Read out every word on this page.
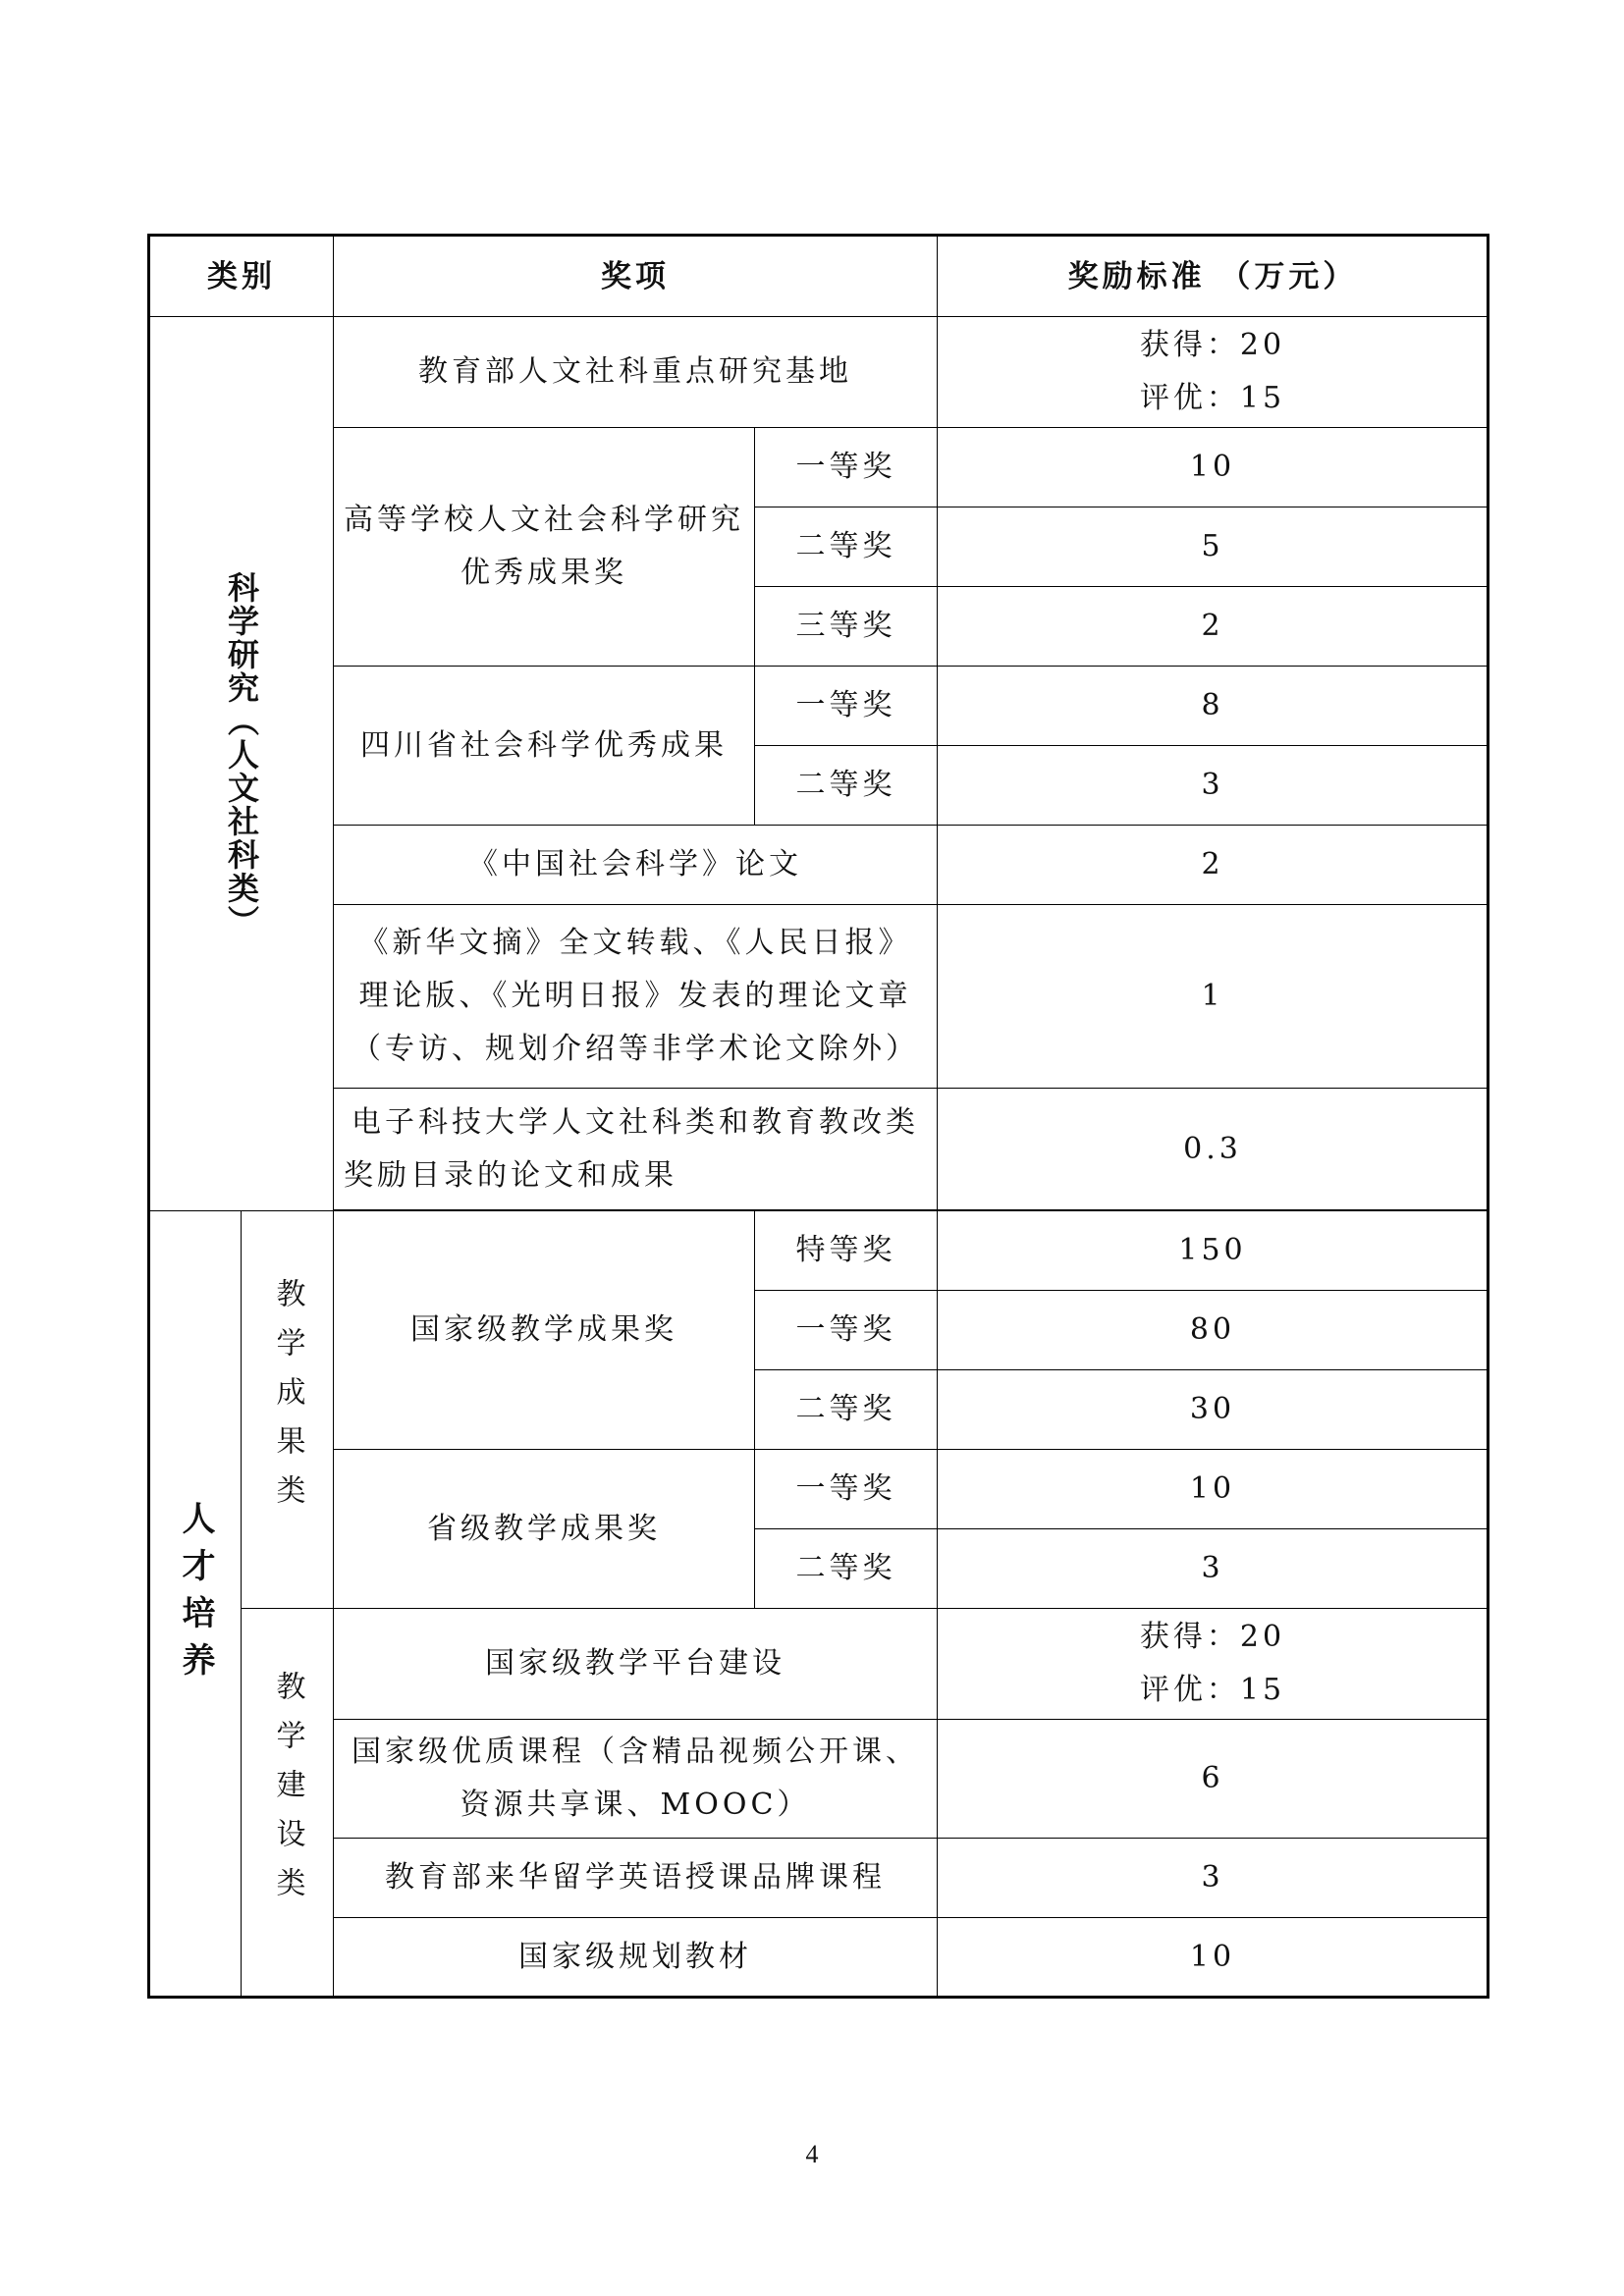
类别		奖项		奖励标准 （万元）
科学研究（人文社科类）		教育部人文社科重点研究基地		获得：20
评优：15

		高等学校人文社会科学研究优秀成果奖	一等奖	10
			二等奖	5
			三等奖	2
		四川省社会科学优秀成果	一等奖	8
			二等奖	3
		《中国社会科学》论文		2

		《新华文摘》全文转载、《人民日报》
理论版、《光明日报》发表的理论文章
（专访、规划介绍等非学术论文除外）		1

		电子科技大学人文社科类和教育教改类
奖励目录的论文和成果		0.3

人才培养	教学成果类	国家级教学成果奖	特等奖	150
			一等奖	80
			二等奖	30
		省级教学成果奖	一等奖	10
			二等奖	3
	教学建设类	国家级教学平台建设		获得：20
评优：15

		国家级优质课程（含精品视频公开课、
资源共享课、MOOC）		6
		教育部来华留学英语授课品牌课程		3
		国家级规划教材		10
4
